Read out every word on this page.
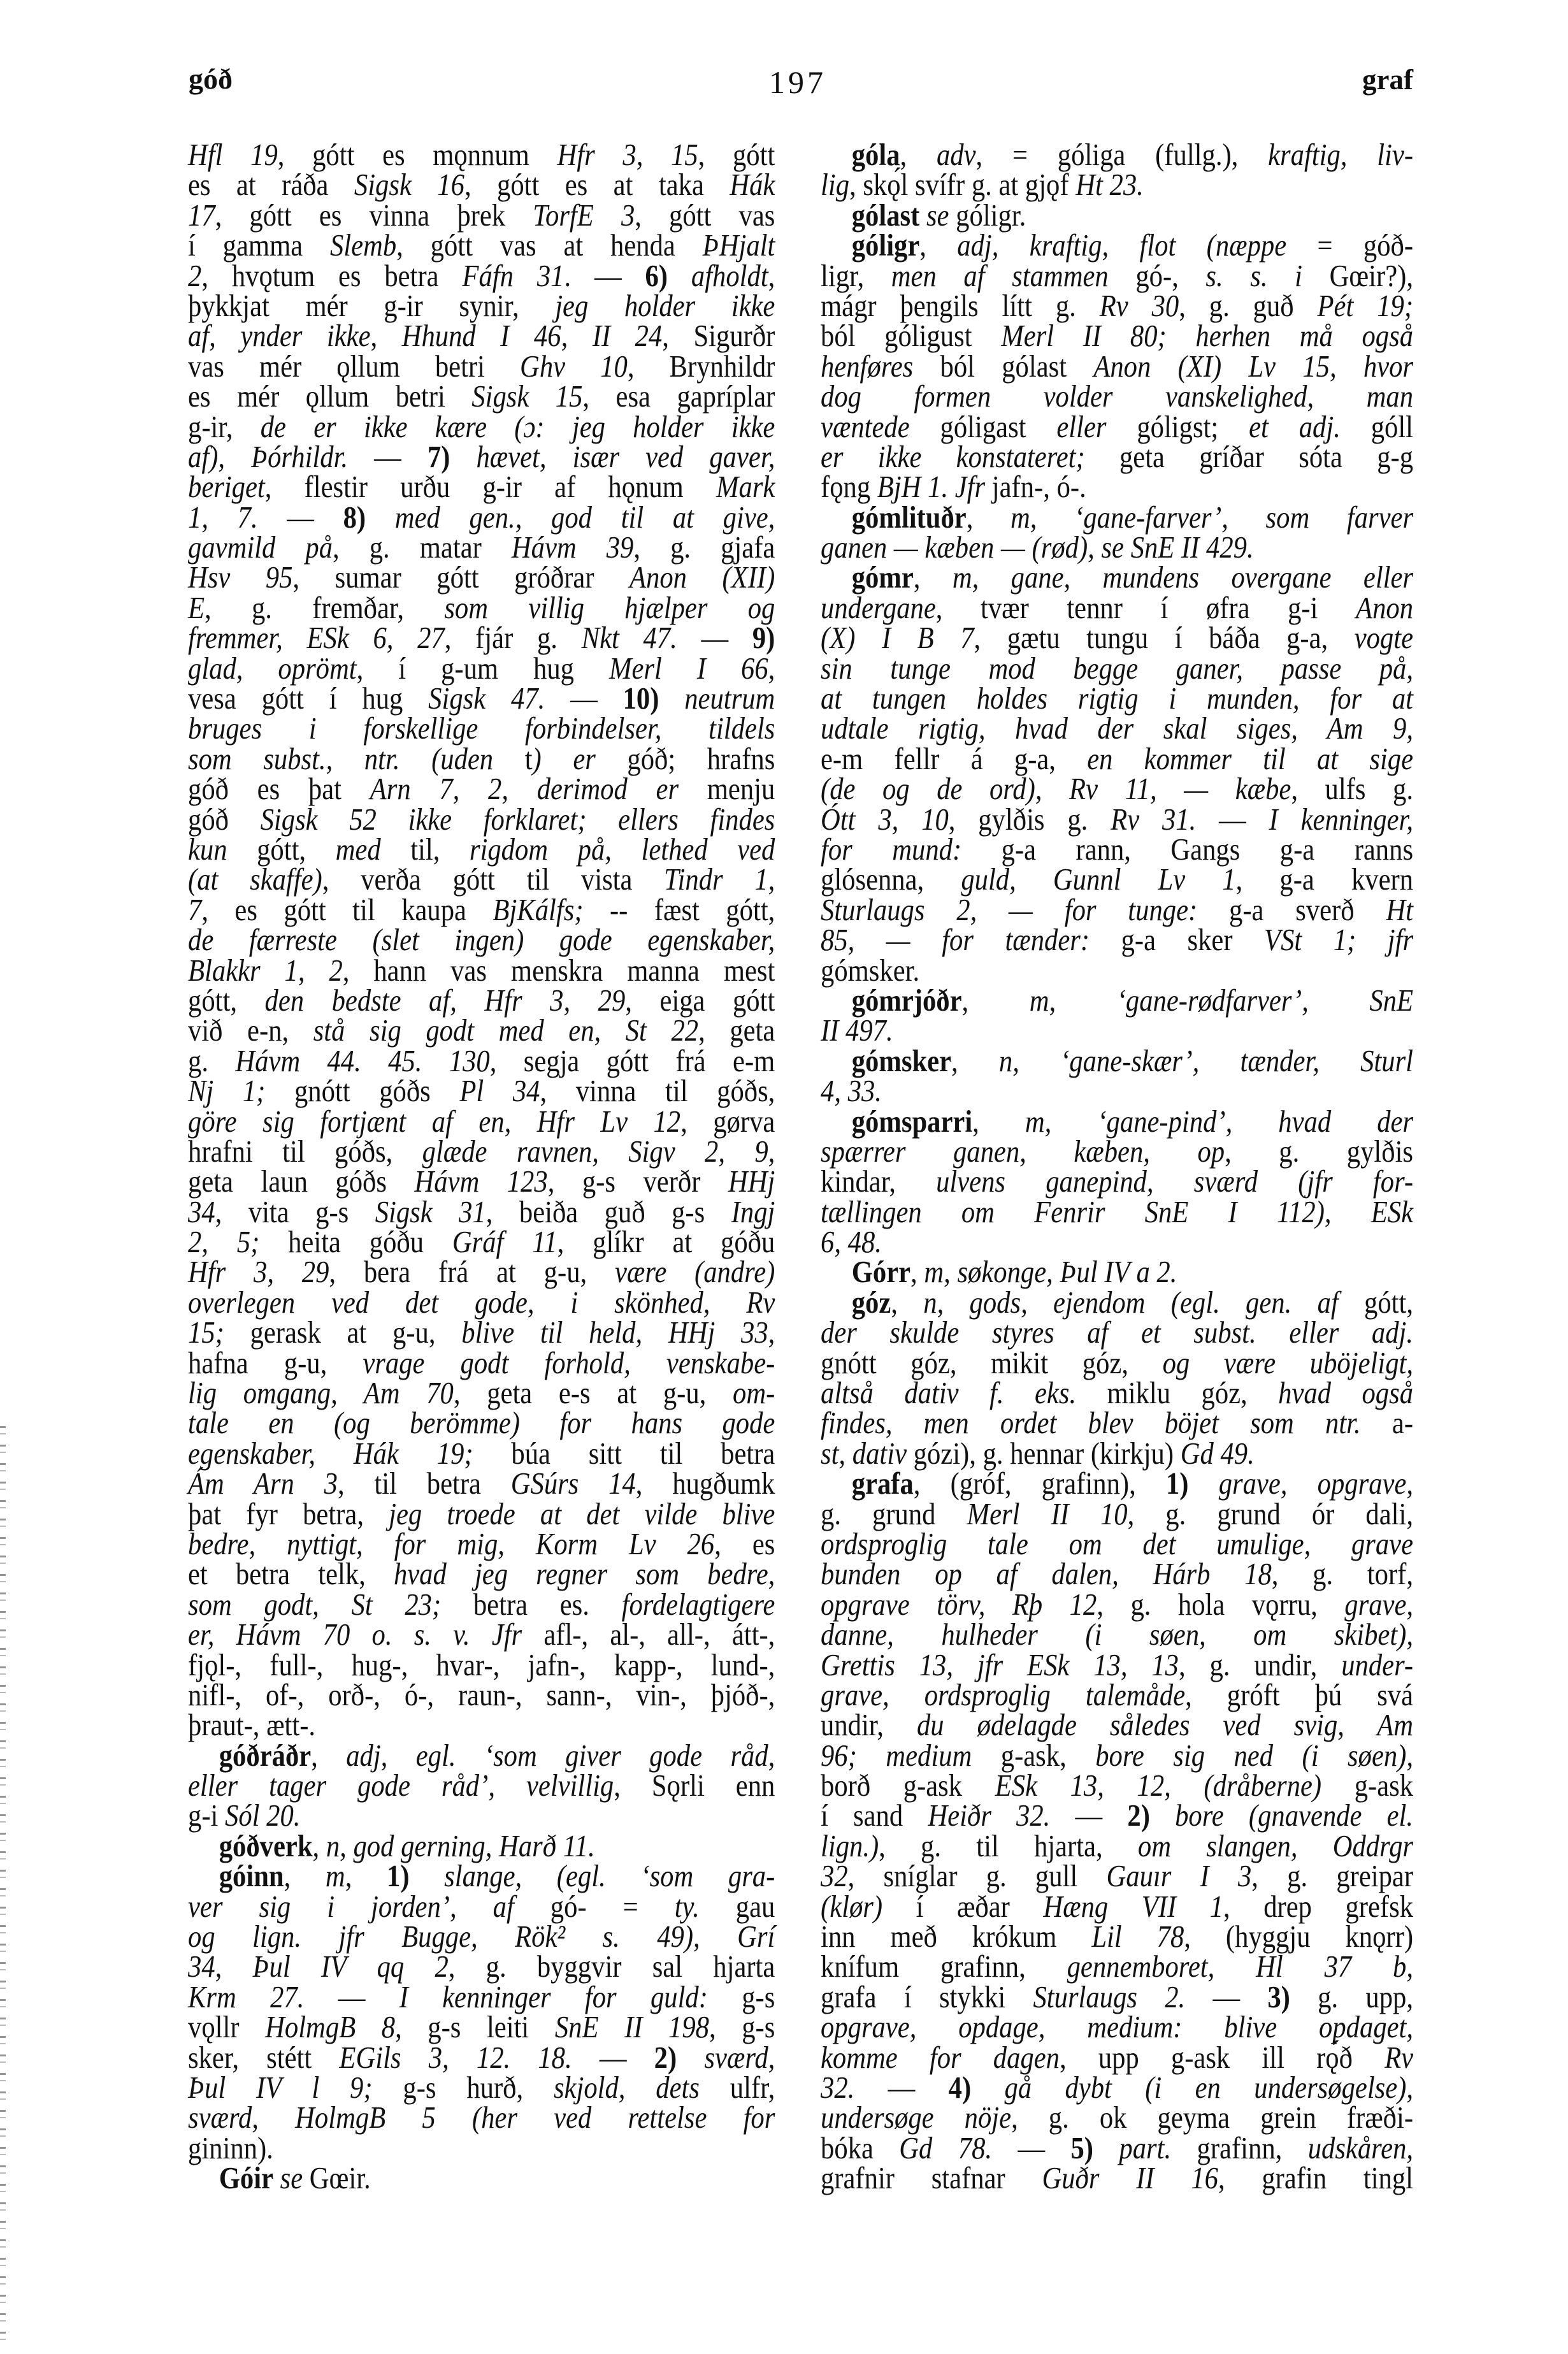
góð	197	graf
Hfl 19, gótt es mǫnnum Hfr 3, 15, gótt
es at ráða Sigsk 16, gótt es at taka Hák
17, gótt es vinna þrek TorfE 3, gótt vas
í gamma Slemb, gótt vas at henda ÞHjalt
2, hvǫtum es betra Fáfn 31. — 6) afholdt,
þykkjat mér g-ir synir, jeg holder ikke
af, ynder ikke, Hhund I 46, II 24, Sigurðr
vas mér ǫllum betri Ghv 10, Brynhildr
es mér ǫllum betri Sigsk 15, esa gapríplar
g-ir, de er ikke kære (ɔ: jeg holder ikke
af), Þórhildr. — 7) hævet, især ved gaver,
beriget, flestir urðu g-ir af hǫnum Mark
1, 7. — 8) med gen., god til at give,
gavmild på, g. matar Hávm 39, g. gjafa
Hsv 95, sumar gótt gróðrar Anon (XII)
E, g. fremðar, som villig hjælper og
fremmer, ESk 6, 27, fjár g. Nkt 47. — 9)
glad, oprömt, í g-um hug Merl I 66,
vesa gótt í hug Sigsk 47. — 10) neutrum
bruges i forskellige forbindelser, tildels
som subst., ntr. (uden t) er góð; hrafns
góð es þat Arn 7, 2, derimod er menju
góð Sigsk 52 ikke forklaret; ellers findes
kun gótt, med til, rigdom på, lethed ved
(at skaffe), verða gótt til vista Tindr 1,
7, es gótt til kaupa BjKálfs; -- fæst gótt,
de færreste (slet ingen) gode egenskaber,
Blakkr 1, 2, hann vas menskra manna mest
gótt, den bedste af, Hfr 3, 29, eiga gótt
við e-n, stå sig godt med en, St 22, geta
g. Hávm 44. 45. 130, segja gótt frá e-m
Nj 1; gnótt góðs Pl 34, vinna til góðs,
göre sig fortjænt af en, Hfr Lv 12, gørva
hrafni til góðs, glæde ravnen, Sigv 2, 9,
geta laun góðs Hávm 123, g-s verðr HHj
34, vita g-s Sigsk 31, beiða guð g-s Ingj
2, 5; heita góðu Gráf 11, glíkr at góðu
Hfr 3, 29, bera frá at g-u, være (andre)
overlegen ved det gode, i skönhed, Rv
15; gerask at g-u, blive til held, HHj 33,
hafna g-u, vrage godt forhold, venskabe-
lig omgang, Am 70, geta e-s at g-u, om-
tale en (og berömme) for hans gode
egenskaber, Hák 19; búa sitt til betra
Ám Arn 3, til betra GSúrs 14, hugðumk
þat fyr betra, jeg troede at det vilde blive
bedre, nyttigt, for mig, Korm Lv 26, es
et betra telk, hvad jeg regner som bedre,
som godt, St 23; betra es. fordelagtigere
er, Hávm 70 o. s. v. Jfr afl-, al-, all-, átt-,
fjǫl-, full-, hug-, hvar-, jafn-, kapp-, lund-,
nifl-, of-, orð-, ó-, raun-, sann-, vin-, þjóð-,
þraut-, ætt-.
góðráðr, adj, egl. ‘som giver gode råd,
eller tager gode råd’, velvillig, Sǫrli enn
g-i Sól 20.
góðverk, n, god gerning, Harð 11.
góinn, m, 1) slange, (egl. ‘som gra-
ver sig i jorden’, af gó- = ty. gau
og lign. jfr Bugge, Rök² s. 49), Grí
34, Þul IV qq 2, g. byggvir sal hjarta
Krm 27. — I kenninger for guld: g-s
vǫllr HolmgB 8, g-s leiti SnE II 198, g-s
sker, stétt EGils 3, 12. 18. — 2) sværd,
Þul IV l 9; g-s hurð, skjold, dets ulfr,
sværd, HolmgB 5 (her ved rettelse for
gininn).
Góir se Gœir.
góla, adv, = góliga (fullg.), kraftig, liv-
lig, skǫ́l svífr g. at gjǫf Ht 23.
gólast se góligr.
góligr, adj, kraftig, flot (næppe = góð-
ligr, men af stammen gó-, s. s. i Gœir?),
mágr þengils lítt g. Rv 30, g. guð Pét 19;
ból góligust Merl II 80; herhen må også
henføres ból gólast Anon (XI) Lv 15, hvor
dog formen volder vanskelighed, man
væntede góligast eller góligst; et adj. góll
er ikke konstateret; geta gríðar sóta g-g
fǫng BjH 1. Jfr jafn-, ó-.
gómlituðr, m, ‘gane-farver’, som farver
ganen — kæben — (rød), se SnE II 429.
gómr, m, gane, mundens overgane eller
undergane, tvær tennr í øfra g-i Anon
(X) I B 7, gætu tungu í báða g-a, vogte
sin tunge mod begge ganer, passe på,
at tungen holdes rigtig i munden, for at
udtale rigtig, hvad der skal siges, Am 9,
e-m fellr á g-a, en kommer til at sige
(de og de ord), Rv 11, — kæbe, ulfs g.
Ótt 3, 10, gylðis g. Rv 31. — I kenninger,
for mund: g-a rann, Gangs g-a ranns
glósenna, guld, Gunnl Lv 1, g-a kvern
Sturlaugs 2, — for tunge: g-a sverð Ht
85, — for tænder: g-a sker VSt 1; jfr
gómsker.
gómrjóðr, m, ‘gane-rødfarver’, SnE
II 497.
gómsker, n, ‘gane-skær’, tænder, Sturl
4, 33.
gómsparri, m, ‘gane-pind’, hvad der
spærrer ganen, kæben, op, g. gylðis
kindar, ulvens ganepind, sværd (jfr for-
tællingen om Fenrir SnE I 112), ESk
6, 48.
Górr, m, søkonge, Þul IV a 2.
góz, n, gods, ejendom (egl. gen. af gótt,
der skulde styres af et subst. eller adj.
gnótt góz, mikit góz, og være uböjeligt,
altså dativ f. eks. miklu góz, hvad også
findes, men ordet blev böjet som ntr. a-
st, dativ gózi), g. hennar (kirkju) Gd 49.
grafa, (gróf, grafinn), 1) grave, opgrave,
g. grund Merl II 10, g. grund ór dali,
ordsproglig tale om det umulige, grave
bunden op af dalen, Hárb 18, g. torf,
opgrave törv, Rþ 12, g. hola vǫrru, grave,
danne, hulheder (i søen, om skibet),
Grettis 13, jfr ESk 13, 13, g. undir, under-
grave, ordsproglig talemåde, gróft þú svá
undir, du ødelagde således ved svig, Am
96; medium g-ask, bore sig ned (i søen),
borð g-ask ESk 13, 12, (dråberne) g-ask
í sand Heiðr 32. — 2) bore (gnavende el.
lign.), g. til hjarta, om slangen, Oddrgr
32, sníglar g. gull Gauır I 3, g. greipar
(klør) í æðar Hæng VII 1, drep grefsk
inn með krókum Lil 78, (hyggju knǫrr)
knífum grafinn, gennemboret, Hl 37 b,
grafa í stykki Sturlaugs 2. — 3) g. upp,
opgrave, opdage, medium: blive opdaget,
komme for dagen, upp g-ask ill rǫ́ð Rv
32. — 4) gå dybt (i en undersøgelse),
undersøge nöje, g. ok geyma grein fræði-
bóka Gd 78. — 5) part. grafinn, udskåren,
grafnir stafnar Guðr II 16, grafin tingl
